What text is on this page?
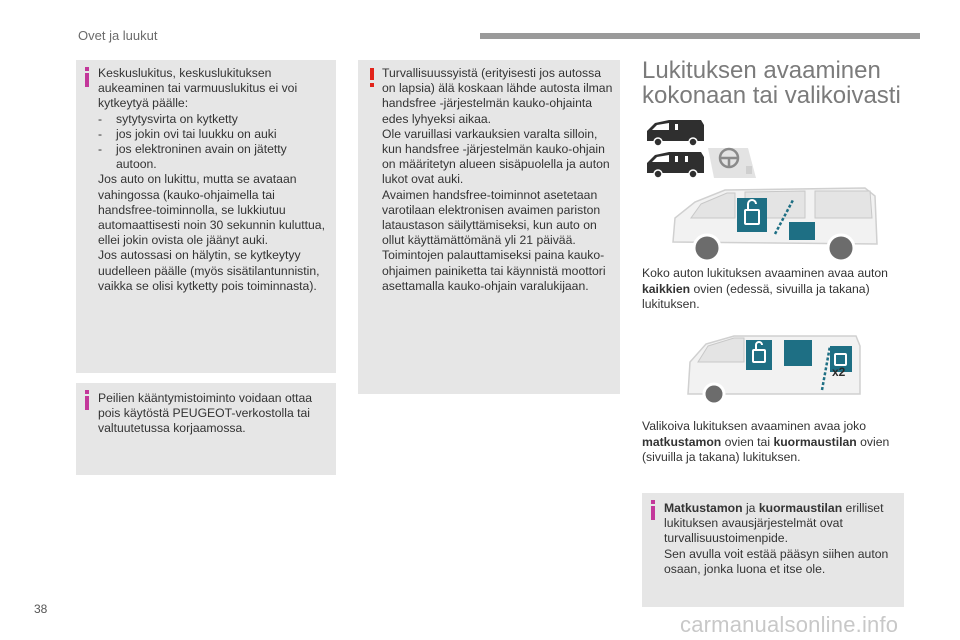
Ovet ja luukut

Keskuslukitus, keskuslukituksen aukeaminen tai varmuuslukitus ei voi kytkeytyä päälle:

- sytytysvirta on kytketty
- jos jokin ovi tai luukku on auki
- jos elektroninen avain on jätetty autoon.

Jos auto on lukittu, mutta se avataan vahingossa (kauko-ohjaimella tai handsfree-toiminnolla, se lukkiutuu automaattisesti noin 30 sekunnin kuluttua, ellei jokin ovista ole jäänyt auki.

Jos autossasi on hälytin, se kytkeytyy uudelleen päälle (myös sisätilantunnistin, vaikka se olisi kytketty pois toiminnasta).

Peilien kääntymistoiminto voidaan ottaa pois käytöstä PEUGEOT-verkostolla tai valtuutetussa korjaamossa.

Turvallisuussyistä (erityisesti jos autossa on lapsia) älä koskaan lähde autosta ilman handsfree -järjestelmän kauko-ohjainta edes lyhyeksi aikaa.

Ole varuillasi varkauksien varalta silloin, kun handsfree -järjestelmän kauko-ohjain on määritetyn alueen sisäpuolella ja auton lukot ovat auki.

Avaimen handsfree-toiminnot asetetaan varotilaan elektronisen avaimen pariston lataustason säilyttämiseksi, kun auto on ollut käyttämättömänä yli 21 päivää.

Toimintojen palauttamiseksi paina kauko-ohjaimen painiketta tai käynnistä moottori asettamalla kauko-ohjain varalukijaan.

Lukituksen avaaminen
kokonaan tai valikoivasti
Koko auton lukituksen avaaminen avaa auton kaikkien ovien (edessä, sivuilla ja takana) lukituksen.
x2
Valikoiva lukituksen avaaminen avaa joko matkustamon ovien tai kuormaustilan ovien (sivuilla ja takana) lukituksen.

Matkustamon ja kuormaustilan erilliset lukituksen avausjärjestelmät ovat turvallisuustoimenpide.

Sen avulla voit estää pääsyn siihen auton osaan, jonka luona et itse ole.

38
carmanualsonline.info
